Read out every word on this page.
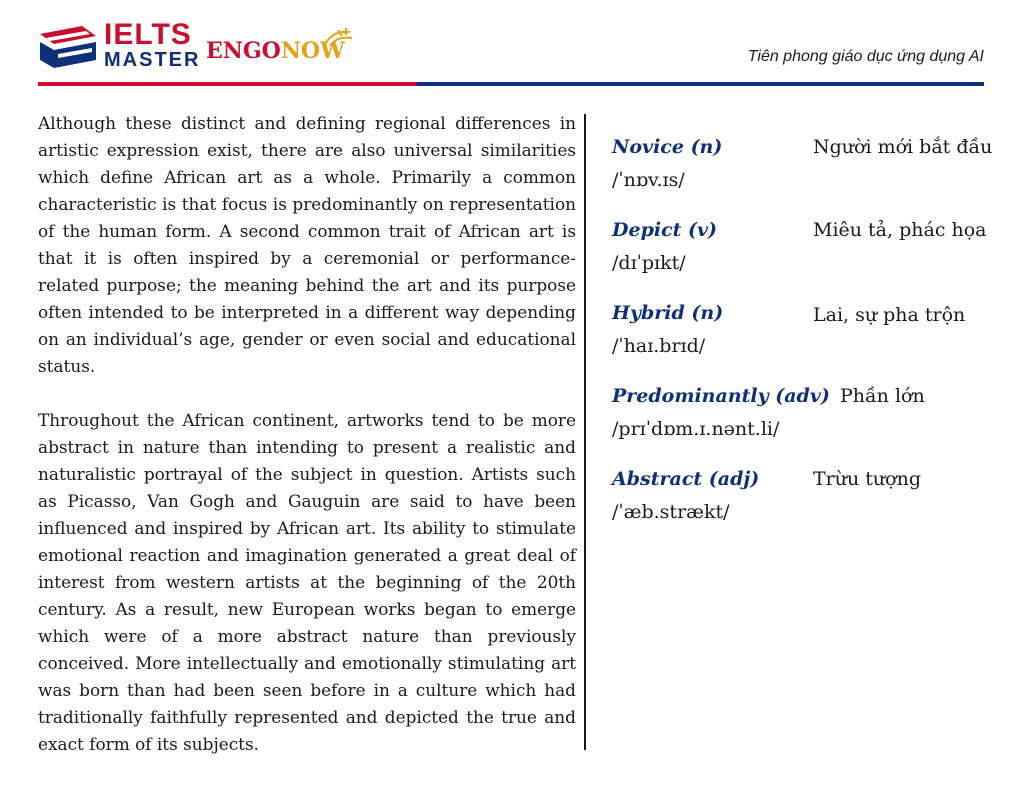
IELTS
MASTER ENGONOW	Tiên phong giáo dục ứng dụng AI

Although these distinct and defining regional differences in artistic expression exist, there are also universal similarities which define African art as a whole. Primarily a common characteristic is that focus is predominantly on representation of the human form. A second common trait of African art is that it is often inspired by a ceremonial or performance-related purpose; the meaning behind the art and its purpose often intended to be interpreted in a different way depending on an individual’s age, gender or even social and educational status.

Throughout the African continent, artworks tend to be more abstract in nature than intending to present a realistic and naturalistic portrayal of the subject in question. Artists such as Picasso, Van Gogh and Gauguin are said to have been influenced and inspired by African art. Its ability to stimulate emotional reaction and imagination generated a great deal of interest from western artists at the beginning of the 20th century. As a result, new European works began to emerge which were of a more abstract nature than previously conceived. More intellectually and emotionally stimulating art was born than had been seen before in a culture which had traditionally faithfully represented and depicted the true and exact form of its subjects.

Novice (n)	Người mới bắt đầu
/ˈnɒv.ɪs/
Depict (v)	Miêu tả, phác họa
/dɪˈpɪkt/
Hybrid (n)	Lai, sự pha trộn
/ˈhaɪ.brɪd/
Predominantly (adv) Phần lớn
/prɪˈdɒm.ɪ.nənt.li/
Abstract (adj)	Trừu tượng
/ˈæb.strækt/
